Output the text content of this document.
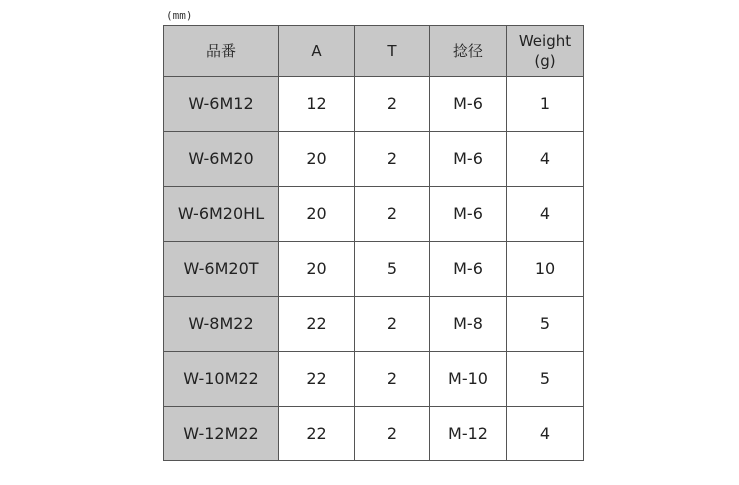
(mm)
品番	A	T	捻径	Weight
(g)

W-6M12	12	2	M-6	1
W-6M20	20	2	M-6	4
W-6M20HL	20	2	M-6	4
W-6M20T	20	5	M-6	10
W-8M22	22	2	M-8	5
W-10M22	22	2	M-10	5
W-12M22	22	2	M-12	4
